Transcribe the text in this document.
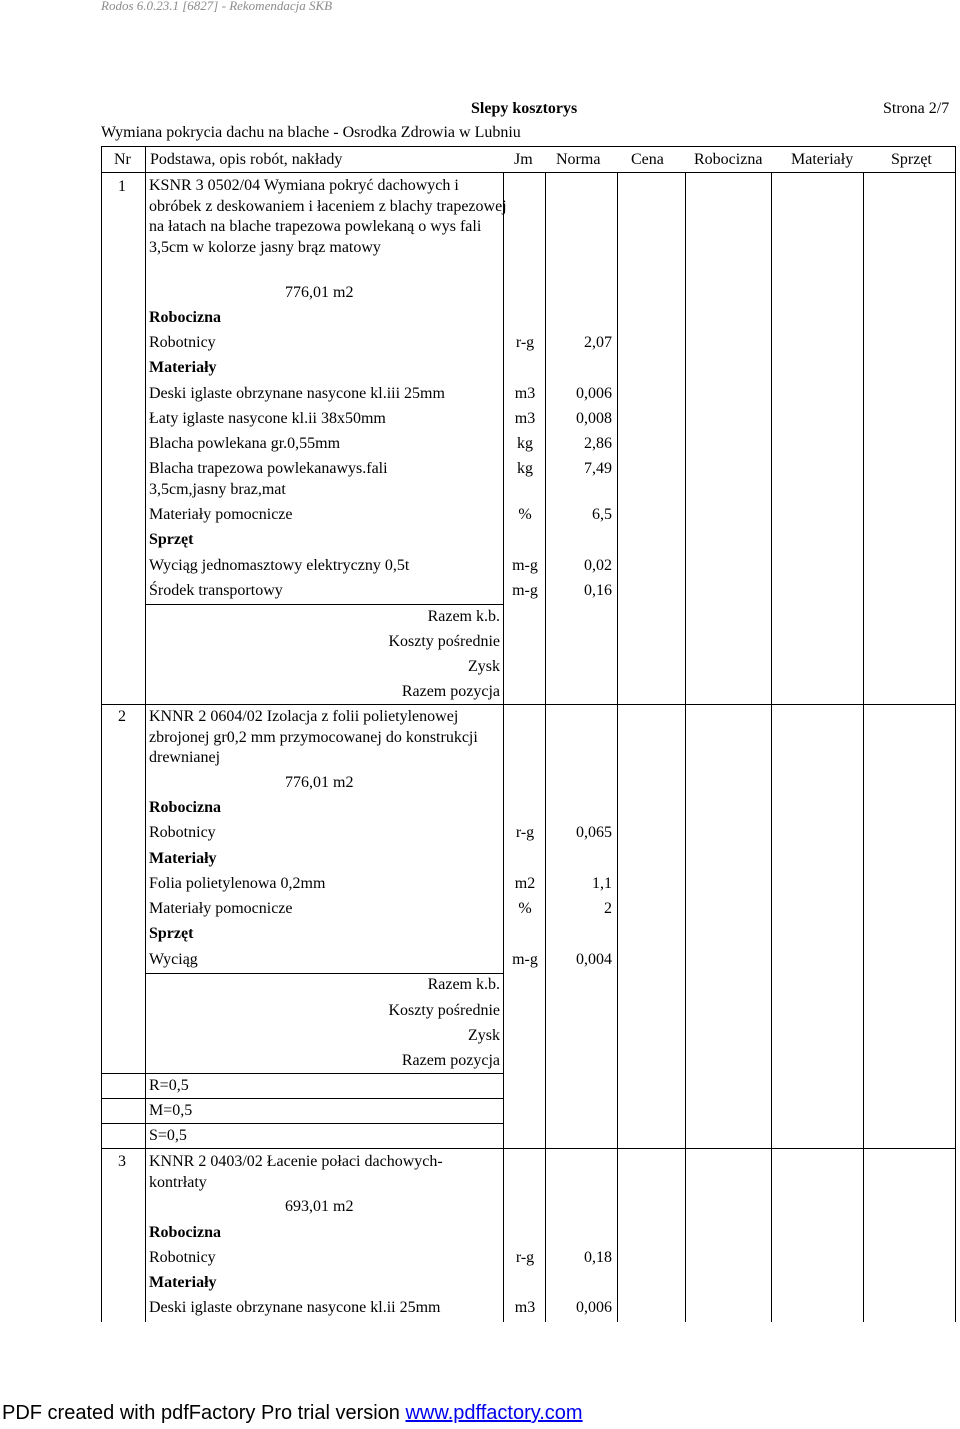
Rodos 6.0.23.1 [6827] - Rekomendacja SKB
Slepy kosztorys	Strona 2/7
Wymiana pokrycia dachu na blache - Osrodka Zdrowia w Lubniu
Nr Podstawa, opis robót, nakłady	Jm Norma Cena Robocizna Materiały Sprzęt
1 KSNR 3 0502/04 Wymiana pokryć dachowych i obróbek z deskowaniem i łaceniem z blachy trapezowej na łatach na blache trapezowa powlekaną o wys fali 3,5cm w kolorze jasny brąz matowy
776,01 m2
Robocizna
Robotnicy	r-g	2,07
Materiały
Deski iglaste obrzynane nasycone kl.iii 25mm	m3	0,006
Łaty iglaste nasycone kl.ii 38x50mm	m3	0,008
Blacha powlekana gr.0,55mm	kg	2,86
Blacha trapezowa powlekanawys.fali
3,5cm,jasny braz,mat
kg	7,49
Materiały pomocnicze	%	6,5
Sprzęt
Wyciąg jednomasztowy elektryczny 0,5t	m-g	0,02
Środek transportowy	m-g	0,16
Razem k.b.
Koszty pośrednie
Zysk
Razem pozycja
2 KNNR 2 0604/02 Izolacja z folii polietylenowej zbrojonej gr0,2 mm przymocowanej do konstrukcji drewnianej
776,01 m2
Robocizna
Robotnicy	r-g	0,065
Materiały
Folia polietylenowa 0,2mm	m2	1,1
Materiały pomocnicze	%	2
Sprzęt
Wyciąg	m-g	0,004
Razem k.b.
Koszty pośrednie
Zysk
Razem pozycja
R=0,5
M=0,5
S=0,5
3 KNNR 2 0403/02 Łacenie połaci dachowych-kontrłaty
693,01 m2
Robocizna
Robotnicy	r-g	0,18
Materiały
Deski iglaste obrzynane nasycone kl.ii 25mm	m3	0,006
PDF created with pdfFactory Pro trial version www.pdffactory.com
